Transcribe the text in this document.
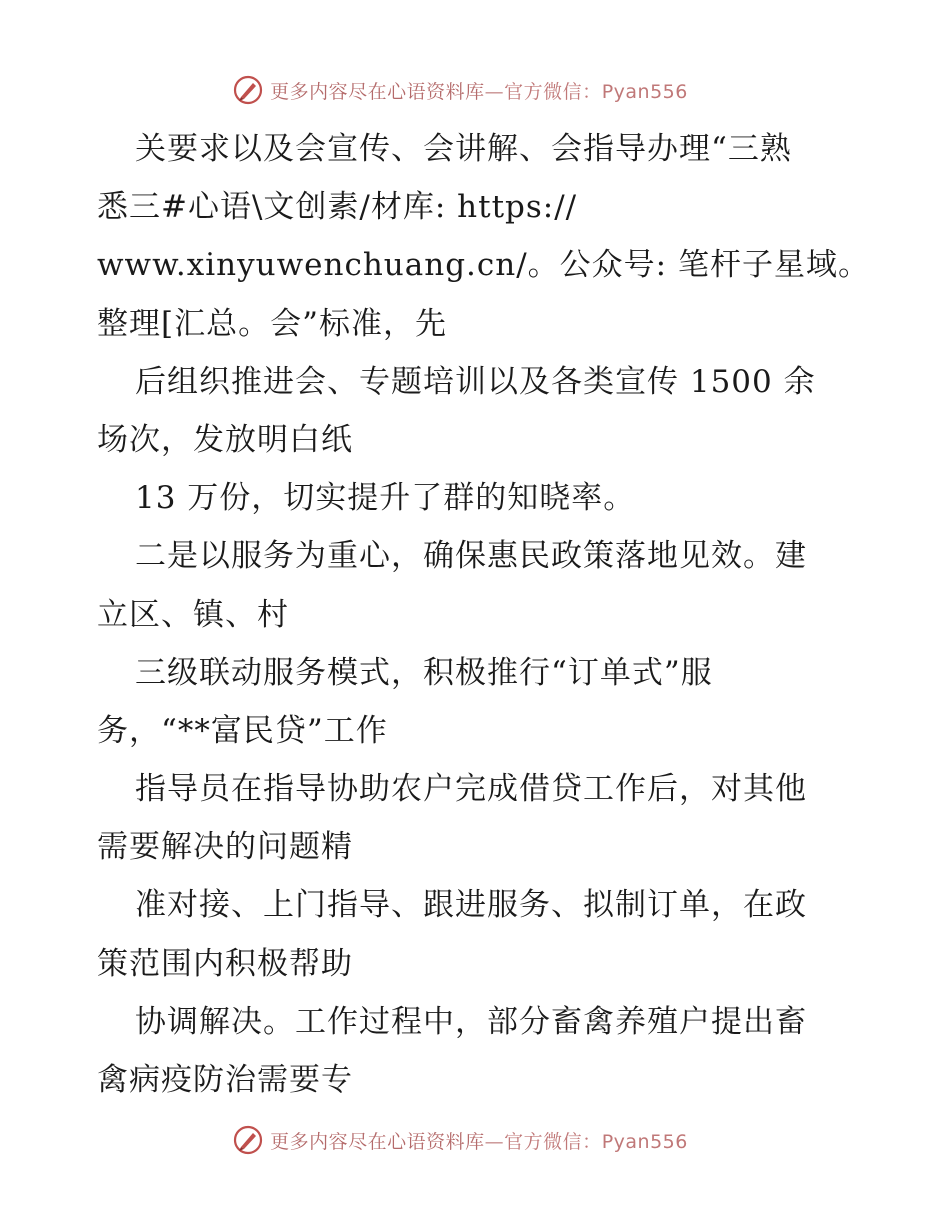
更多内容尽在心语资料库—官方微信：Pyan556
关要求以及会宣传、会讲解、会指导办理“三熟
悉三#心语\文创素/材库: https://
www.xinyuwenchuang.cn/。公众号: 笔杆子星域。
整理[汇总。会”标准，先
后组织推进会、专题培训以及各类宣传 1500 余
场次，发放明白纸
13 万份，切实提升了群的知晓率。
二是以服务为重心，确保惠民政策落地见效。建
立区、镇、村
三级联动服务模式，积极推行“订单式”服
务，“**富民贷”工作
指导员在指导协助农户完成借贷工作后，对其他
需要解决的问题精
准对接、上门指导、跟进服务、拟制订单，在政
策范围内积极帮助
协调解决。工作过程中，部分畜禽养殖户提出畜
禽病疫防治需要专
更多内容尽在心语资料库—官方微信：Pyan556
